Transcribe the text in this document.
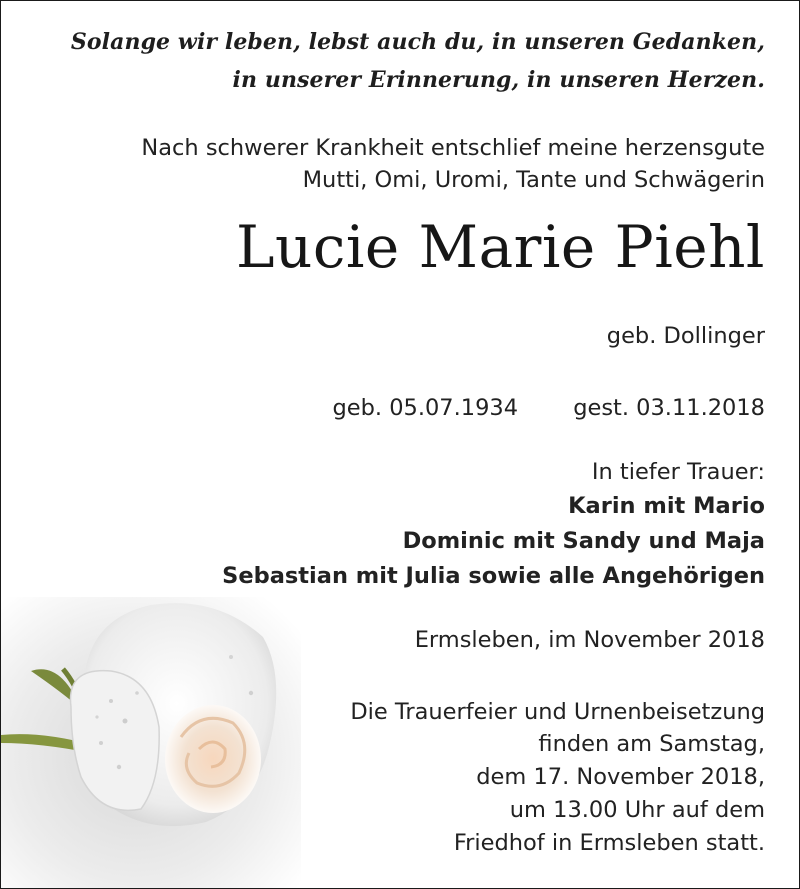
Solange wir leben, lebst auch du, in unseren Gedanken,
in unserer Erinnerung, in unseren Herzen.
Nach schwerer Krankheit entschlief meine herzensgute
Mutti, Omi, Uromi, Tante und Schwägerin
Lucie Marie Piehl
geb. Dollinger
geb. 05.07.1934 gest. 03.11.2018
In tiefer Trauer:
Karin mit Mario
Dominic mit Sandy und Maja
Sebastian mit Julia sowie alle Angehörigen
Ermsleben, im November 2018
Die Trauerfeier und Urnenbeisetzung
finden am Samstag,
dem 17. November 2018,
um 13.00 Uhr auf dem
Friedhof in Ermsleben statt.
